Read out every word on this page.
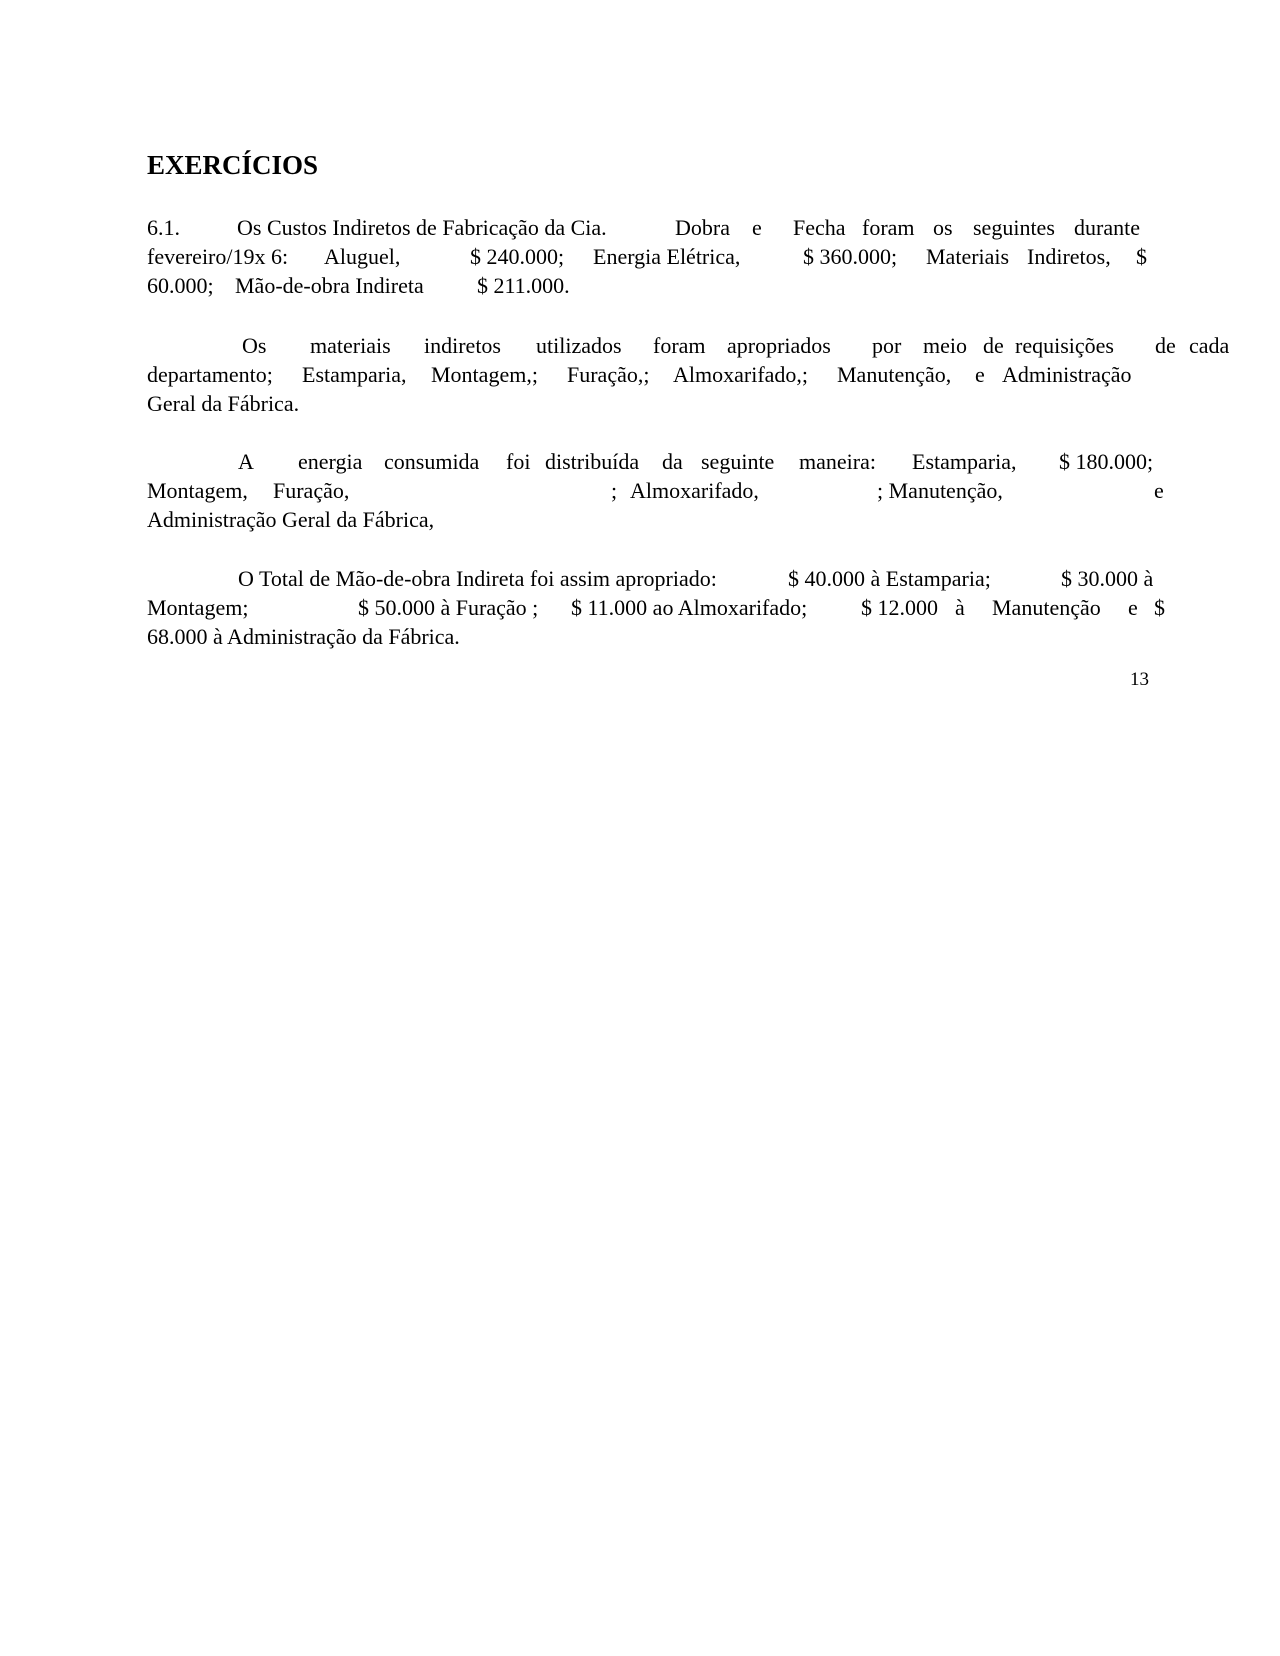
EXERCÍCIOS
6.1.	Os Custos Indiretos de Fabricação da Cia.	Dobra e Fecha foram os seguintes durante
fevereiro/19x 6: Aluguel,	$ 240.000; Energia Elétrica,	$ 360.000; Materiais Indiretos, $
60.000; Mão-de-obra Indireta $ 211.000.
Os materiais indiretos utilizados foram apropriados por meio de requisições de cada
departamento; Estamparia, Montagem,; Furação,; Almoxarifado,; Manutenção, e Administração
Geral da Fábrica.
A energia consumida foi distribuída da seguinte maneira: Estamparia, $ 180.000;
Montagem, Furação,	; Almoxarifado,	; Manutenção,	e
Administração Geral da Fábrica,
O Total de Mão-de-obra Indireta foi assim apropriado:	$ 40.000 à Estamparia;	$ 30.000 à
Montagem;	$ 50.000 à Furação ; $ 11.000 ao Almoxarifado; $ 12.000 à Manutenção e $
68.000 à Administração da Fábrica.
13
